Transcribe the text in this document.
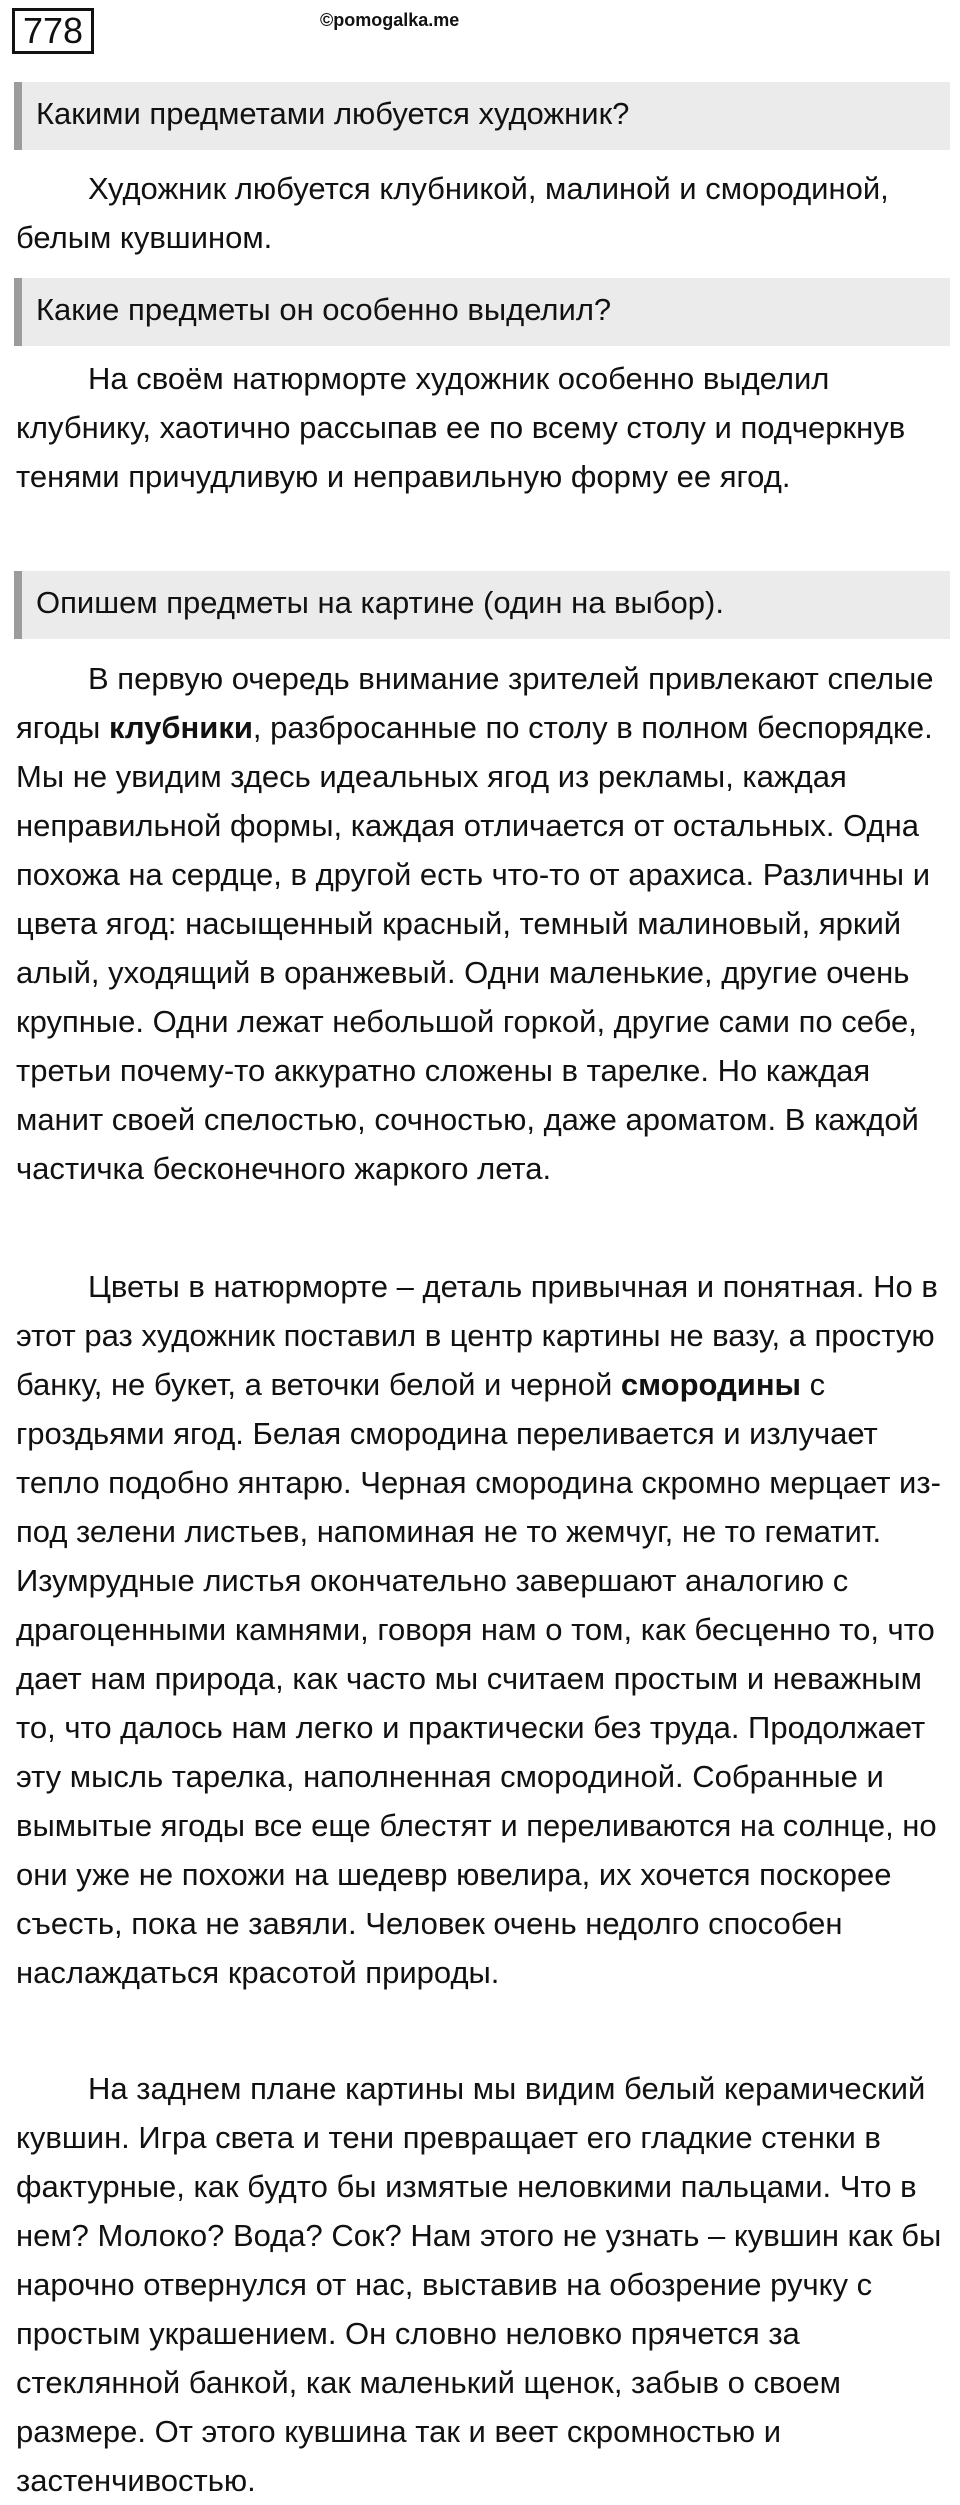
778	©pomogalka.me
Какими предметами любуется художник?
Художник любуется клубникой, малиной и смородиной, белым кувшином.
Какие предметы он особенно выделил?
На своём натюрморте художник особенно выделил клубнику, хаотично рассыпав ее по всему столу и подчеркнув тенями причудливую и неправильную форму ее ягод.
Опишем предметы на картине (один на выбор).
В первую очередь внимание зрителей привлекают спелые ягоды клубники, разбросанные по столу в полном беспорядке. Мы не увидим здесь идеальных ягод из рекламы, каждая неправильной формы, каждая отличается от остальных. Одна похожа на сердце, в другой есть что-то от арахиса. Различны и цвета ягод: насыщенный красный, темный малиновый, яркий алый, уходящий в оранжевый. Одни маленькие, другие очень крупные. Одни лежат небольшой горкой, другие сами по себе, третьи почему-то аккуратно сложены в тарелке. Но каждая манит своей спелостью, сочностью, даже ароматом. В каждой частичка бесконечного жаркого лета.
Цветы в натюрморте – деталь привычная и понятная. Но в этот раз художник поставил в центр картины не вазу, а простую банку, не букет, а веточки белой и черной смородины с гроздьями ягод. Белая смородина переливается и излучает тепло подобно янтарю. Черная смородина скромно мерцает из-под зелени листьев, напоминая не то жемчуг, не то гематит. Изумрудные листья окончательно завершают аналогию с драгоценными камнями, говоря нам о том, как бесценно то, что дает нам природа, как часто мы считаем простым и неважным то, что далось нам легко и практически без труда. Продолжает эту мысль тарелка, наполненная смородиной. Собранные и вымытые ягоды все еще блестят и переливаются на солнце, но они уже не похожи на шедевр ювелира, их хочется поскорее съесть, пока не завяли. Человек очень недолго способен наслаждаться красотой природы.
На заднем плане картины мы видим белый керамический кувшин. Игра света и тени превращает его гладкие стенки в фактурные, как будто бы измятые неловкими пальцами. Что в нем? Молоко? Вода? Сок? Нам этого не узнать – кувшин как бы нарочно отвернулся от нас, выставив на обозрение ручку с простым украшением. Он словно неловко прячется за стеклянной банкой, как маленький щенок, забыв о своем размере. От этого кувшина так и веет скромностью и застенчивостью.
